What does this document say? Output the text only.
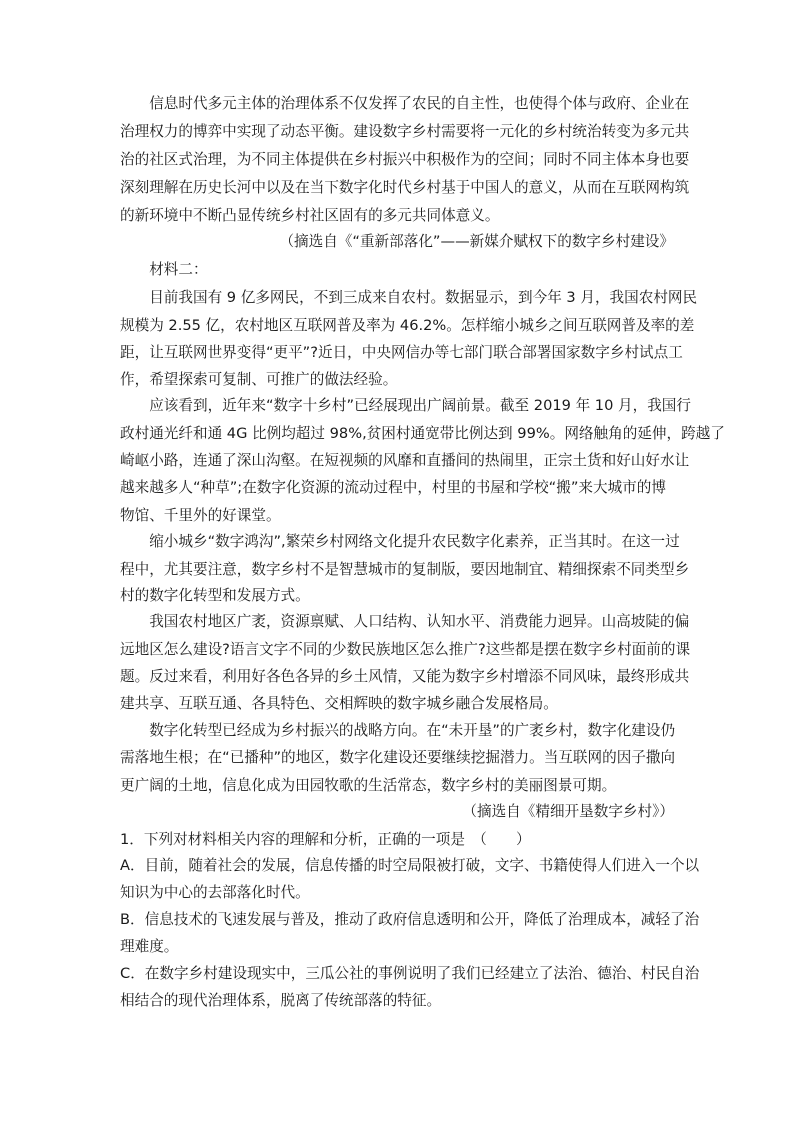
　　信息时代多元主体的治理体系不仅发挥了农民的自主性，也使得个体与政府、企业在
治理权力的博弈中实现了动态平衡。建设数字乡村需要将一元化的乡村统治转变为多元共
治的社区式治理，为不同主体提供在乡村振兴中积极作为的空间；同时不同主体本身也要
深刻理解在历史长河中以及在当下数字化时代乡村基于中国人的意义，从而在互联网构筑
的新环境中不断凸显传统乡村社区固有的多元共同体意义。
（摘选自《“重新部落化”——新媒介赋权下的数字乡村建设》
　　材料二：
　　目前我国有 9 亿多网民，不到三成来自农村。数据显示，到今年 3 月，我国农村网民
规模为 2.55 亿，农村地区互联网普及率为 46.2%。怎样缩小城乡之间互联网普及率的差
距，让互联网世界变得“更平”?近日，中央网信办等七部门联合部署国家数字乡村试点工
作，希望探索可复制、可推广的做法经验。
　　应该看到，近年来“数字十乡村”已经展现出广阔前景。截至 2019 年 10 月，我国行
政村通光纤和通 4G 比例均超过 98%,贫困村通宽带比例达到 99%。网络触角的延伸，跨越了
崎岖小路，连通了深山沟壑。在短视频的风靡和直播间的热闹里，正宗土货和好山好水让
越来越多人“种草”;在数字化资源的流动过程中，村里的书屋和学校“搬”来大城市的博
物馆、千里外的好课堂。
　　缩小城乡“数字鸿沟”,繁荣乡村网络文化提升农民数字化素养，正当其时。在这一过
程中，尤其要注意，数字乡村不是智慧城市的复制版，要因地制宜、精细探索不同类型乡
村的数字化转型和发展方式。
　　我国农村地区广袤，资源禀赋、人口结构、认知水平、消费能力迥异。山高坡陡的偏
远地区怎么建设?语言文字不同的少数民族地区怎么推广?这些都是摆在数字乡村面前的课
题。反过来看，利用好各色各异的乡土风情，又能为数字乡村增添不同风味，最终形成共
建共享、互联互通、各具特色、交相辉映的数字城乡融合发展格局。
　　数字化转型已经成为乡村振兴的战略方向。在“未开垦”的广袤乡村，数字化建设仍
需落地生根；在“已播种”的地区，数字化建设还要继续挖掘潜力。当互联网的因子撒向
更广阔的土地，信息化成为田园牧歌的生活常态，数字乡村的美丽图景可期。
（摘选自《精细开垦数字乡村》）
1．下列对材料相关内容的理解和分析，正确的一项是　（　　）
A．目前，随着社会的发展，信息传播的时空局限被打破，文字、书籍使得人们进入一个以
知识为中心的去部落化时代。
B．信息技术的飞速发展与普及，推动了政府信息透明和公开，降低了治理成本，减轻了治
理难度。
C．在数字乡村建设现实中，三瓜公社的事例说明了我们已经建立了法治、德治、村民自治
相结合的现代治理体系，脱离了传统部落的特征。
